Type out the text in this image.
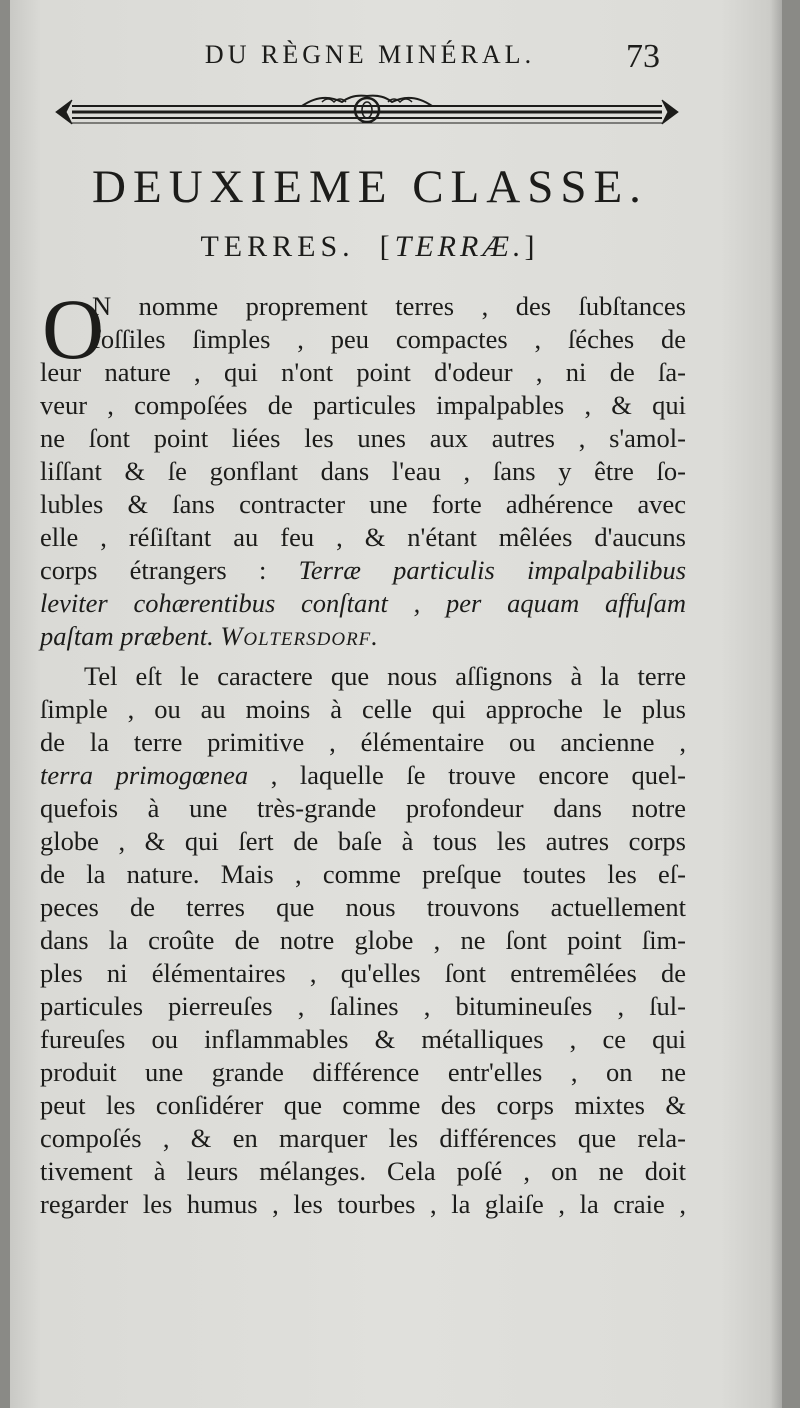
DU RÈGNE MINÉRAL.	73
DEUXIEME CLASSE.
TERRES.  [TERRÆ.]
O
N nomme proprement terres , des ſubſtances
foſſiles ſimples , peu compactes , ſéches de
leur nature , qui n'ont point d'odeur , ni de ſa-
veur , compoſées de particules impalpables , & qui
ne ſont point liées les unes aux autres , s'amol-
liſſant & ſe gonflant dans l'eau , ſans y être ſo-
lubles & ſans contracter une forte adhérence avec
elle , réſiſtant au feu , & n'étant mêlées d'aucuns
corps étrangers : Terræ particulis impalpabilibus
leviter cohærentibus conſtant , per aquam affuſam
paſtam præbent. Woltersdorf.
Tel eſt le caractere que nous aſſignons à la terre
ſimple , ou au moins à celle qui approche le plus
de la terre primitive , élémentaire ou ancienne ,
terra primogœnea , laquelle ſe trouve encore quel-
quefois à une très-grande profondeur dans notre
globe , & qui ſert de baſe à tous les autres corps
de la nature. Mais , comme preſque toutes les eſ-
peces de terres que nous trouvons actuellement
dans la croûte de notre globe , ne ſont point ſim-
ples ni élémentaires , qu'elles ſont entremêlées de
particules pierreuſes , ſalines , bitumineuſes , ſul-
fureuſes ou inflammables & métalliques , ce qui
produit une grande différence entr'elles , on ne
peut les conſidérer que comme des corps mixtes &
compoſés , & en marquer les différences que rela-
tivement à leurs mélanges. Cela poſé , on ne doit
regarder les humus , les tourbes , la glaiſe , la craie ,
